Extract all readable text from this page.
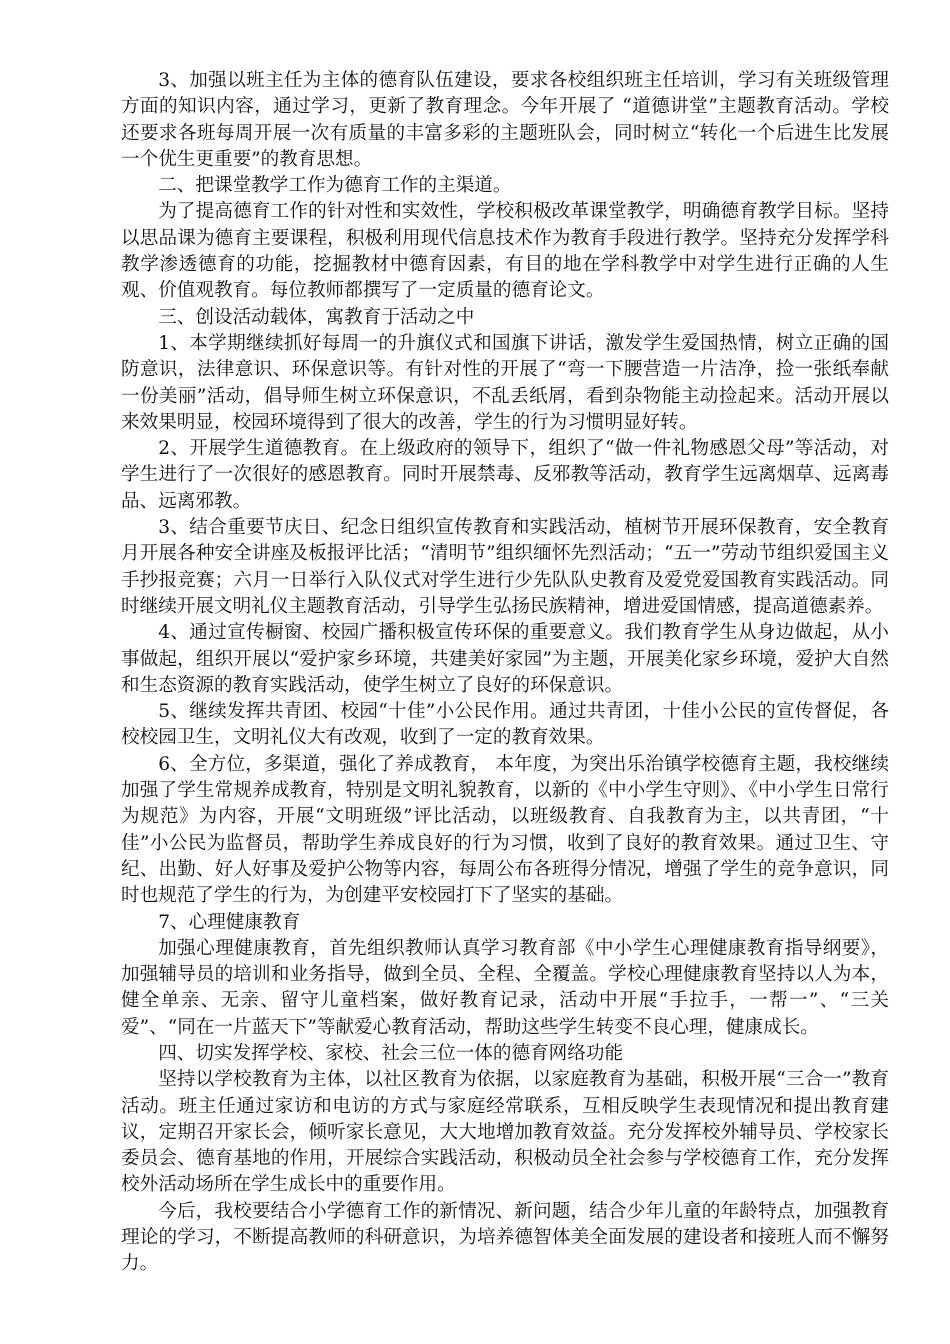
3、加强以班主任为主体的德育队伍建设，要求各校组织班主任培训，学习有关班级管理方面的知识内容，通过学习，更新了教育理念。今年开展了 “道德讲堂”主题教育活动。学校还要求各班每周开展一次有质量的丰富多彩的主题班队会，同时树立“转化一个后进生比发展一个优生更重要”的教育思想。

二、把课堂教学工作为德育工作的主渠道。

为了提高德育工作的针对性和实效性，学校积极改革课堂教学，明确德育教学目标。坚持以思品课为德育主要课程，积极利用现代信息技术作为教育手段进行教学。坚持充分发挥学科教学渗透德育的功能，挖掘教材中德育因素，有目的地在学科教学中对学生进行正确的人生观、价值观教育。每位教师都撰写了一定质量的德育论文。

三、创设活动载体，寓教育于活动之中

1、本学期继续抓好每周一的升旗仪式和国旗下讲话，激发学生爱国热情，树立正确的国防意识，法律意识、环保意识等。有针对性的开展了“弯一下腰营造一片洁净，捡一张纸奉献一份美丽”活动，倡导师生树立环保意识，不乱丢纸屑，看到杂物能主动捡起来。活动开展以来效果明显，校园环境得到了很大的改善，学生的行为习惯明显好转。

2、开展学生道德教育。在上级政府的领导下，组织了“做一件礼物感恩父母”等活动，对学生进行了一次很好的感恩教育。同时开展禁毒、反邪教等活动，教育学生远离烟草、远离毒品、远离邪教。

3、结合重要节庆日、纪念日组织宣传教育和实践活动，植树节开展环保教育，安全教育月开展各种安全讲座及板报评比活；“清明节”组织缅怀先烈活动；“五一”劳动节组织爱国主义手抄报竞赛；六月一日举行入队仪式对学生进行少先队队史教育及爱党爱国教育实践活动。同时继续开展文明礼仪主题教育活动，引导学生弘扬民族精神，增进爱国情感，提高道德素养。

4、通过宣传橱窗、校园广播积极宣传环保的重要意义。我们教育学生从身边做起，从小事做起，组织开展以“爱护家乡环境，共建美好家园”为主题，开展美化家乡环境，爱护大自然和生态资源的教育实践活动，使学生树立了良好的环保意识。

5、继续发挥共青团、校园“十佳”小公民作用。通过共青团，十佳小公民的宣传督促，各校校园卫生，文明礼仪大有改观，收到了一定的教育效果。

6、全方位，多渠道，强化了养成教育， 本年度，为突出乐治镇学校德育主题，我校继续加强了学生常规养成教育，特别是文明礼貌教育，以新的《中小学生守则》、《中小学生日常行为规范》为内容，开展“文明班级”评比活动，以班级教育、自我教育为主，以共青团，“十佳”小公民为监督员，帮助学生养成良好的行为习惯，收到了良好的教育效果。通过卫生、守纪、出勤、好人好事及爱护公物等内容，每周公布各班得分情况，增强了学生的竞争意识，同时也规范了学生的行为，为创建平安校园打下了坚实的基础。

7、心理健康教育

加强心理健康教育，首先组织教师认真学习教育部《中小学生心理健康教育指导纲要》，加强辅导员的培训和业务指导，做到全员、全程、全覆盖。学校心理健康教育坚持以人为本，健全单亲、无亲、留守儿童档案，做好教育记录，活动中开展“手拉手，一帮一”、“三关爱”、“同在一片蓝天下”等献爱心教育活动，帮助这些学生转变不良心理，健康成长。

四、切实发挥学校、家校、社会三位一体的德育网络功能

坚持以学校教育为主体，以社区教育为依据，以家庭教育为基础，积极开展“三合一”教育活动。班主任通过家访和电访的方式与家庭经常联系，互相反映学生表现情况和提出教育建议，定期召开家长会，倾听家长意见，大大地增加教育效益。充分发挥校外辅导员、学校家长委员会、德育基地的作用，开展综合实践活动，积极动员全社会参与学校德育工作，充分发挥校外活动场所在学生成长中的重要作用。

今后，我校要结合小学德育工作的新情况、新问题，结合少年儿童的年龄特点，加强教育理论的学习，不断提高教师的科研意识，为培养德智体美全面发展的建设者和接班人而不懈努力。
